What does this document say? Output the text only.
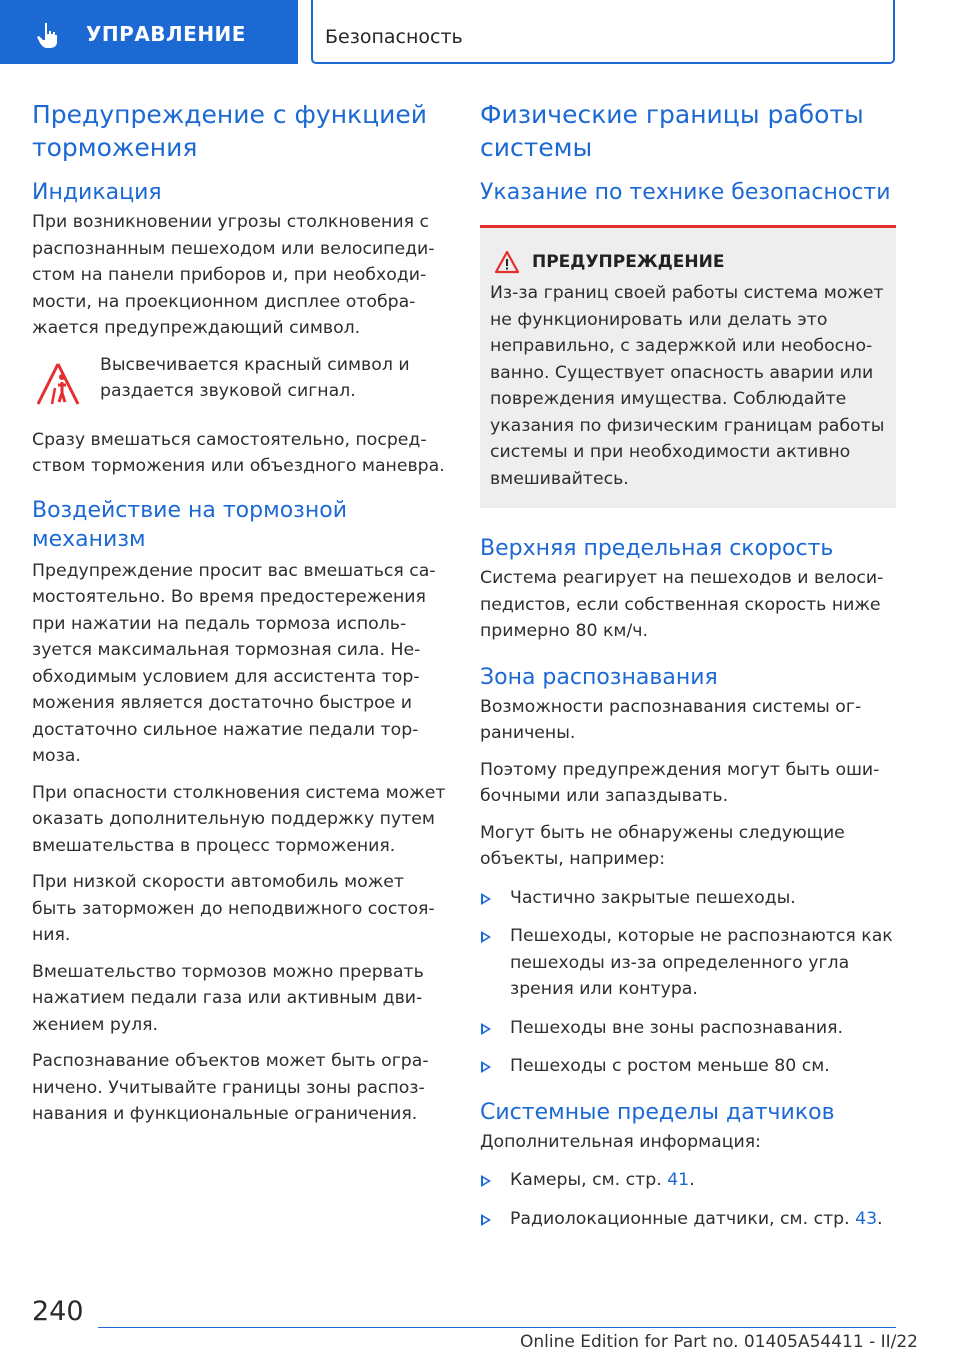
УПРАВЛЕНИЕ	Безопасность
Предупреждение с функцией торможения
Индикация

При возникновении угрозы столкновения с распознанным пешеходом или велосипедистом на панели приборов и, при необходимости, на проекционном дисплее отображается предупреждающий символ.

Высвечивается красный символ и раздается звуковой сигнал.

Сразу вмешаться самостоятельно, посредством торможения или объездного маневра.

Воздействие на тормозной механизм

Предупреждение просит вас вмешаться самостоятельно. Во время предостережения при нажатии на педаль тормоза используется максимальная тормозная сила. Необходимым условием для ассистента торможения является достаточно быстрое и достаточно сильное нажатие педали тормоза.

При опасности столкновения система может оказать дополнительную поддержку путем вмешательства в процесс торможения.

При низкой скорости автомобиль может быть заторможен до неподвижного состояния.

Вмешательство тормозов можно прервать нажатием педали газа или активным движением руля.

Распознавание объектов может быть ограничено. Учитывайте границы зоны распознавания и функциональные ограничения.

Физические границы работы системы
Указание по технике безопасности
ПРЕДУПРЕЖДЕНИЕ

Из-за границ своей работы система может не функционировать или делать это неправильно, с задержкой или необоснованно. Существует опасность аварии или повреждения имущества. Соблюдайте указания по физическим границам работы системы и при необходимости активно вмешивайтесь.

Верхняя предельная скорость

Система реагирует на пешеходов и велосипедистов, если собственная скорость ниже примерно 80 км/ч.

Зона распознавания

Возможности распознавания системы ограничены.

Поэтому предупреждения могут быть ошибочными или запаздывать.

Могут быть не обнаружены следующие объекты, например:

Частично закрытые пешеходы.
Пешеходы, которые не распознаются как пешеходы из-за определенного угла зрения или контура.
Пешеходы вне зоны распознавания.
Пешеходы с ростом меньше 80 см.
Системные пределы датчиков

Дополнительная информация:

Камеры, см. стр. 41.
Радиолокационные датчики, см. стр. 43.
240
Online Edition for Part no. 01405A54411 - II/22
